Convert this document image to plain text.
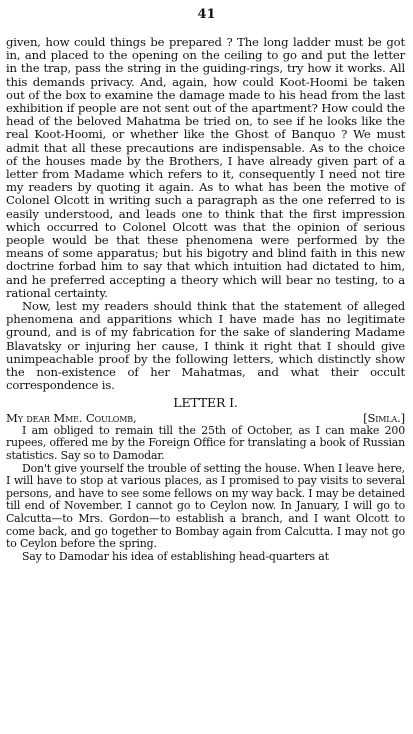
41

given, how could things be prepared ? The long ladder must be got in, and placed to the opening on the ceiling to go and put the letter in the trap, pass the string in the guiding-rings, try how it works. All this demands privacy. And, again, how could Koot-Hoomi be taken out of the box to examine the damage made to his head from the last exhibition if people are not sent out of the apartment? How could the head of the beloved Mahatma be tried on, to see if he looks like the real Koot-Hoomi, or whether like the Ghost of Banquo ? We must admit that all these precautions are indispensable. As to the choice of the houses made by the Brothers, I have already given part of a letter from Madame which refers to it, consequently I need not tire my readers by quoting it again. As to what has been the motive of Colonel Olcott in writing such a paragraph as the one referred to is easily understood, and leads one to think that the first impression which occurred to Colonel Olcott was that the opinion of serious people would be that these phenomena were performed by the means of some apparatus; but his bigotry and blind faith in this new doctrine forbad him to say that which intuition had dictated to him, and he preferred accepting a theory which will bear no testing, to a rational certainty.

Now, lest my readers should think that the statement of alleged phenomena and apparitions which I have made has no legitimate ground, and is of my fabrication for the sake of slandering Madame Blavatsky or injuring her cause, I think it right that I should give unimpeachable proof by the following letters, which distinctly show the non-existence of her Mahatmas, and what their occult correspondence is.

LETTER I.

My dear Mme. Coulomb,	[Simla.]

I am obliged to remain till the 25th of October, as I can make 200 rupees, offered me by the Foreign Office for translating a book of Russian statistics. Say so to Damodar.

Don't give yourself the trouble of setting the house. When I leave here, I will have to stop at various places, as I promised to pay visits to several persons, and have to see some fellows on my way back. I may be detained till end of November. I cannot go to Ceylon now. In January, I will go to Calcutta—to Mrs. Gordon—to establish a branch, and I want Olcott to come back, and go together to Bombay again from Calcutta. I may not go to Ceylon before the spring.

Say to Damodar his idea of establishing head-quarters at
